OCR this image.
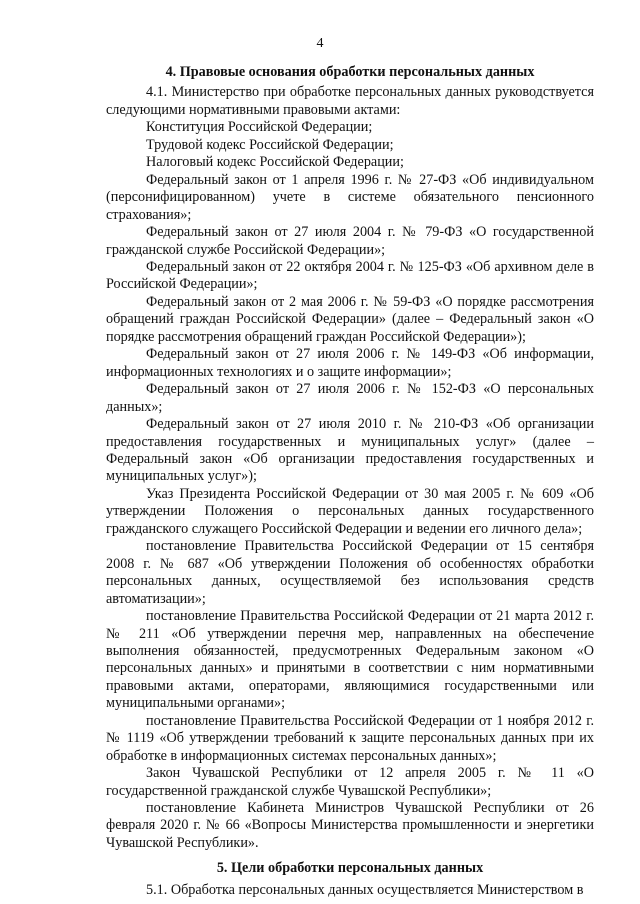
4

4. Правовые основания обработки персональных данных

4.1. Министерство при обработке персональных данных руководствуется следующими нормативными правовыми актами:

Конституция Российской Федерации;

Трудовой кодекс Российской Федерации;

Налоговый кодекс Российской Федерации;

Федеральный закон от 1 апреля 1996 г. № 27-ФЗ «Об индивидуальном (персонифицированном) учете в системе обязательного пенсионного страхования»;

Федеральный закон от 27 июля 2004 г. № 79-ФЗ «О государственной гражданской службе Российской Федерации»;

Федеральный закон от 22 октября 2004 г. № 125-ФЗ «Об архивном деле в Российской Федерации»;

Федеральный закон от 2 мая 2006 г. № 59-ФЗ «О порядке рассмотрения обращений граждан Российской Федерации» (далее – Федеральный закон «О порядке рассмотрения обращений граждан Российской Федерации»);

Федеральный закон от 27 июля 2006 г. № 149-ФЗ «Об информации, информационных технологиях и о защите информации»;

Федеральный закон от 27 июля 2006 г. № 152-ФЗ «О персональных данных»;

Федеральный закон от 27 июля 2010 г. № 210-ФЗ «Об организации предоставления государственных и муниципальных услуг» (далее – Федеральный закон «Об организации предоставления государственных и муниципальных услуг»);

Указ Президента Российской Федерации от 30 мая 2005 г. № 609 «Об утверждении Положения о персональных данных государственного гражданского служащего Российской Федерации и ведении его личного дела»;

постановление Правительства Российской Федерации от 15 сентября 2008 г. № 687 «Об утверждении Положения об особенностях обработки персональных данных, осуществляемой без использования средств автоматизации»;

постановление Правительства Российской Федерации от 21 марта 2012 г. № 211 «Об утверждении перечня мер, направленных на обеспечение выполнения обязанностей, предусмотренных Федеральным законом «О персональных данных» и принятыми в соответствии с ним нормативными правовыми актами, операторами, являющимися государственными или муниципальными органами»;

постановление Правительства Российской Федерации от 1 ноября 2012 г. № 1119 «Об утверждении требований к защите персональных данных при их обработке в информационных системах персональных данных»;

Закон Чувашской Республики от 12 апреля 2005 г. № 11 «О государственной гражданской службе Чувашской Республики»;

постановление Кабинета Министров Чувашской Республики от 26 февраля 2020 г. № 66 «Вопросы Министерства промышленности и энергетики Чувашской Республики».

5. Цели обработки персональных данных

5.1. Обработка персональных данных осуществляется Министерством в
